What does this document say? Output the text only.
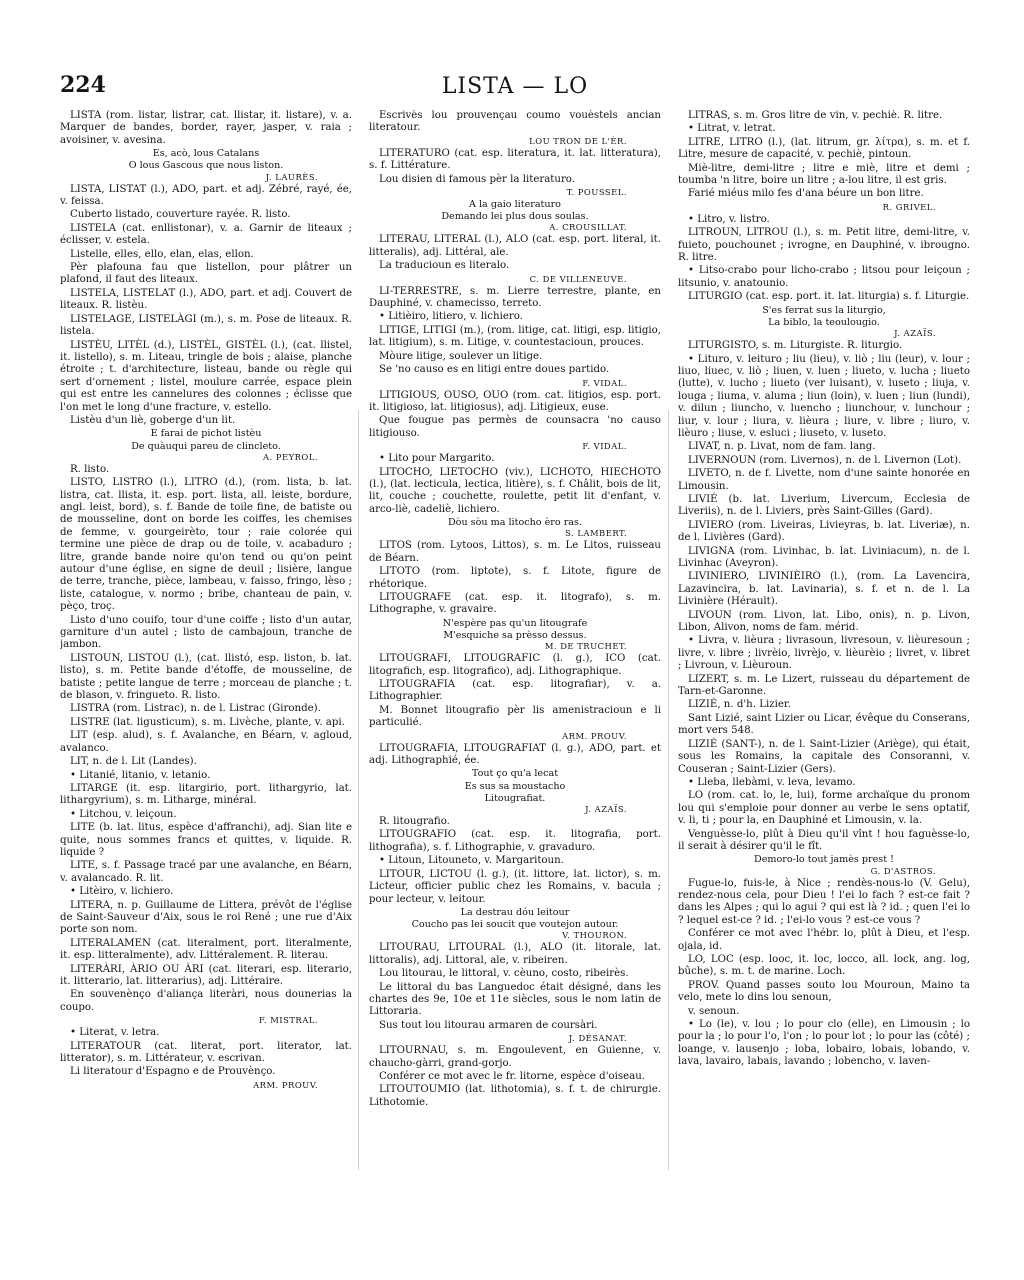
224	LISTA — LO

LISTA (rom. listar, listrar, cat. llistar, it. listare), v. a. Marquer de bandes, border, rayer, jasper, v. raia ; avoisiner, v. avesina.

Es, acò, lous Catalans

O lous Gascous que nous liston.

J. LAURÈS.

LISTA, LISTAT (l.), ADO, part. et adj. Zébré, rayé, ée, v. feissa.

Cuberto listado, couverture rayée. R. listo.

LISTELA (cat. enllistonar), v. a. Garnir de liteaux ; éclisser, v. estela.

Listelle, elles, ello, elan, elas, ellon.

Pèr plafouna fau que listellon, pour plâtrer un plafond, il faut des liteaux.

LISTELA, LISTELAT (l.), ADO, part. et adj. Couvert de liteaux. R. listèu.

LISTELAGE, LISTELÀGI (m.), s. m. Pose de liteaux. R. listela.

LISTÈU, LITÈL (d.), LISTÈL, GISTÈL (l.), (cat. llistel, it. listello), s. m. Liteau, tringle de bois ; alaise, planche étroite ; t. d'architecture, listeau, bande ou règle qui sert d'ornement ; listel, moulure carrée, espace plein qui est entre les cannelures des colonnes ; éclisse que l'on met le long d'une fracture, v. estello.

Listèu d'un liè, goberge d'un lit.

E farai de pichot listèu

De quàuqui pareu de clincleto.

A. PEYROL.

R. listo.

LISTO, LISTRO (l.), LITRO (d.), (rom. lista, b. lat. listra, cat. llista, it. esp. port. lista, all. leiste, bordure, angl. leist, bord), s. f. Bande de toile fine, de batiste ou de mousseline, dont on borde les coiffes, les chemises de femme, v. gourgeirèto, tour ; raie colorée qui termine une pièce de drap ou de toile, v. acabaduro ; litre, grande bande noire qu'on tend ou qu'on peint autour d'une église, en signe de deuil ; lisière, langue de terre, tranche, pièce, lambeau, v. faisso, fringo, lèso ; liste, catalogue, v. normo ; bribe, chanteau de pain, v. pèço, troç.

Listo d'uno couifo, tour d'une coiffe ; listo d'un autar, garniture d'un autel ; listo de cambajoun, tranche de jambon.

LISTOUN, LISTOU (l.), (cat. llistó, esp. liston, b. lat. listo), s. m. Petite bande d'étoffe, de mousseline, de batiste ; petite langue de terre ; morceau de planche ; t. de blason, v. fringueto. R. listo.

LISTRA (rom. Listrac), n. de l. Listrac (Gironde).

LISTRE (lat. ligusticum), s. m. Livèche, plante, v. api.

LIT (esp. alud), s. f. Avalanche, en Béarn, v. agloud, avalanco.

LIT, n. de l. Lit (Landes).

• Litanié, litanio, v. letanio.

LITARGE (it. esp. litargirio, port. lithargyrio, lat. lithargyrium), s. m. Litharge, minéral.

• Litchou, v. leiçoun.

LITE (b. lat. litus, espèce d'affranchi), adj. Sian lite e quite, nous sommes francs et quittes, v. liquide. R. liquide ?

LITE, s. f. Passage tracé par une avalanche, en Béarn, v. avalancado. R. lit.

• Litèiro, v. lichiero.

LITERA, n. p. Guillaume de Littera, prévôt de l'église de Saint-Sauveur d'Aix, sous le roi René ; une rue d'Aix porte son nom.

LITERALAMEN (cat. literalment, port. literalmente, it. esp. litteralmente), adv. Littéralement. R. literau.

LITERÀRI, ÀRIO OU ÀRI (cat. literari, esp. literario, it. litterario, lat. litterarius), adj. Littéraire.

En souvenènço d'aliança literàri, nous dounerias la coupo.

F. MISTRAL.

• Literat, v. letra.

LITERATOUR (cat. literat, port. literator, lat. litterator), s. m. Littérateur, v. escrivan.

Li literatour d'Espagno e de Prouvènço.

ARM. PROUV.

Escrivès lou prouvençau coumo vouèstels ancian literatour.

LOU TRON DE L'ÈR.

LITERATURO (cat. esp. literatura, it. lat. litteratura), s. f. Littérature.

Lou disien di famous pèr la literaturo.

T. POUSSEL.

A la gaio literaturo

Demando lei plus dous soulas.

A. CROUSILLAT.

LITERAU, LITERAL (l.), ALO (cat. esp. port. literal, it. litteralis), adj. Littéral, ale.

La traducioun es literalo.

C. DE VILLENEUVE.

LI-TERRESTRE, s. m. Lierre terrestre, plante, en Dauphiné, v. chamecisso, terreto.

• Litièiro, litiero, v. lichiero.

LITIGE, LITIGI (m.), (rom. litige, cat. litigi, esp. litigio, lat. litigium), s. m. Litige, v. countestacioun, prouces.

Mòure litige, soulever un litige.

Se 'no causo es en litigi entre doues partido.

F. VIDAL.

LITIGIOUS, OUSO, OUO (rom. cat. litigios, esp. port. it. litigioso, lat. litigiosus), adj. Litigieux, euse.

Que fougue pas permès de counsacra 'no causo litigiouso.

F. VIDAL.

• Lito pour Margarito.

LITOCHO, LIETOCHO (viv.), LICHOTO, HIECHOTO (l.), (lat. lecticula, lectica, litière), s. f. Châlit, bois de lit, lit, couche ; couchette, roulette, petit lit d'enfant, v. arco-liè, cadeliè, lichiero.

Dòu sòu ma litocho èro ras.

S. LAMBERT.

LITOS (rom. Lytoos, Littos), s. m. Le Litos, ruisseau de Béarn.

LITOTO (rom. liptote), s. f. Litote, figure de rhétorique.

LITOUGRAFE (cat. esp. it. litografo), s. m. Lithographe, v. gravaire.

N'espère pas qu'un litougrafe

M'esquiche sa prèsso dessus.

M. DE TRUCHET.

LITOUGRAFI, LITOUGRAFIC (l. g.), ICO (cat. litografich, esp. litografico), adj. Lithographique.

LITOUGRAFIA (cat. esp. litografiar), v. a. Lithographier.

M. Bonnet litougrafio pèr lis amenistracioun e li particulié.

ARM. PROUV.

LITOUGRAFIA, LITOUGRAFIAT (l. g.), ADO, part. et adj. Lithographié, ée.

Tout ço qu'a lecat

Es sus sa moustacho

Litougrafiat.

J. AZAÏS.

R. litougrafio.

LITOUGRAFIO (cat. esp. it. litografia, port. lithografia), s. f. Lithographie, v. gravaduro.

• Litoun, Litouneto, v. Margaritoun.

LITOUR, LICTOU (l. g.), (it. littore, lat. lictor), s. m. Licteur, officier public chez les Romains, v. bacula ; pour lecteur, v. leitour.

La destrau dóu leitour

Coucho pas lei soucit que voutejon autour.

V. THOURON.

LITOURAU, LITOURAL (l.), ALO (it. litorale, lat. littoralis), adj. Littoral, ale, v. ribeiren.

Lou litourau, le littoral, v. cèuno, costo, ribeirès.

Le littoral du bas Languedoc était désigné, dans les chartes des 9e, 10e et 11e siècles, sous le nom latin de Littoraria.

Sus tout lou litourau armaren de coursàri.

J. DÉSANAT.

LITOURNAU, s. m. Engoulevent, en Guienne, v. chaucho-gàrri, grand-gorjo.

Conférer ce mot avec le fr. litorne, espèce d'oiseau.

LITOUTOUMIO (lat. lithotomia), s. f. t. de chirurgie. Lithotomie.

LITRAS, s. m. Gros litre de vin, v. pechiè. R. litre.

• Litrat, v. letrat.

LITRE, LITRO (l.), (lat. litrum, gr. λίτρα), s. m. et f. Litre, mesure de capacité, v. pechiè, pintoun.

Miè-litre, demi-litre ; litre e miè, litre et demi ; toumba 'n litre, boire un litre ; a-lou litre, il est gris.

Farié miéus milo fes d'ana béure un bon litre.

R. GRIVEL.

• Litro, v. listro.

LITROUN, LITROU (l.), s. m. Petit litre, demi-litre, v. fuieto, pouchounet ; ivrogne, en Dauphiné, v. ibrougno. R. litre.

• Litso-crabo pour licho-crabo ; litsou pour leiçoun ; litsunio, v. anatounio.

LITURGIO (cat. esp. port. it. lat. liturgia) s. f. Liturgie.

S'es ferrat sus la liturgio,

La biblo, la teoulougio.

J. AZAÏS.

LITURGISTO, s. m. Liturgiste. R. liturgio.

• Lituro, v. leituro ; liu (lieu), v. liò ; liu (leur), v. lour ; liuo, liuec, v. liò ; liuen, v. luen ; liueto, v. lucha ; liueto (lutte), v. lucho ; liueto (ver luisant), v. luseto ; liuja, v. louga ; liuma, v. aluma ; liun (loin), v. luen ; liun (lundi), v. dilun ; liuncho, v. luencho ; liunchour, v. lunchour ; liur, v. lour ; liura, v. lièura ; liure, v. libre ; liuro, v. lièuro ; liuse, v. esluci ; liuseto, v. luseto.

LIVAT, n. p. Livat, nom de fam. lang.

LIVERNOUN (rom. Livernos), n. de l. Livernon (Lot).

LIVETO, n. de f. Livette, nom d'une sainte honorée en Limousin.

LIVIÉ (b. lat. Liverium, Livercum, Ecclesia de Liveriis), n. de l. Liviers, près Saint-Gilles (Gard).

LIVIERO (rom. Liveiras, Livieyras, b. lat. Liveriæ), n. de l. Livières (Gard).

LIVIGNA (rom. Livinhac, b. lat. Liviniacum), n. de l. Livinhac (Aveyron).

LIVINIERO, LIVINIÈIRO (l.), (rom. La Lavencira, Lazavincira, b. lat. Lavinaria), s. f. et n. de l. La Livinière (Hérault).

LIVOUN (rom. Livon, lat. Libo, onis), n. p. Livon, Libon, Alivon, noms de fam. mérid.

• Livra, v. lièura ; livrasoun, livresoun, v. lièuresoun ; livre, v. libre ; livrèio, livrèjo, v. lièurèio ; livret, v. libret ; Livroun, v. Lièuroun.

LIZERT, s. m. Le Lizert, ruisseau du département de Tarn-et-Garonne.

LIZIÉ, n. d'h. Lizier.

Sant Lizié, saint Lizier ou Licar, évêque du Conserans, mort vers 548.

LIZIÉ (SANT-), n. de l. Saint-Lizier (Ariège), qui était, sous les Romains, la capitale des Consoranni, v. Couseran ; Saint-Lizier (Gers).

• Lleba, llebàmi, v. leva, levamo.

LO (rom. cat. lo, le, lui), forme archaïque du pronom lou qui s'emploie pour donner au verbe le sens optatif, v. li, ti ; pour la, en Dauphiné et Limousin, v. la.

Venguèsse-lo, plût à Dieu qu'il vînt ! hou faguèsse-lo, il serait à désirer qu'il le fît.

Demoro-lo tout jamès prest !

G. D'ASTROS.

Fugue-lo, fuis-le, à Nice ; rendès-nous-lo (V. Gelu), rendez-nous cela, pour Dieu ! l'ei lo fach ? est-ce fait ? dans les Alpes ; qui lo agui ? qui est là ? id. ; quen l'ei lo ? lequel est-ce ? id. ; l'ei-lo vous ? est-ce vous ?

Conférer ce mot avec l'hébr. lo, plût à Dieu, et l'esp. ojala, id.

LO, LOC (esp. looc, it. loc, locco, all. lock, ang. log, bûche), s. m. t. de marine. Loch.

PROV. Quand passes souto lou Mouroun, Maino ta velo, mete lo dins lou senoun,

v. senoun.

• Lo (le), v. lou ; lo pour clo (elle), en Limousin ; lo pour la ; lo pour l'o, l'on ; lo pour lot ; lo pour las (côté) ; loange, v. lausenjo ; loba, lobairo, lobais, lobando, v. lava, lavairo, labais, lavando ; lobencho, v. laven-
